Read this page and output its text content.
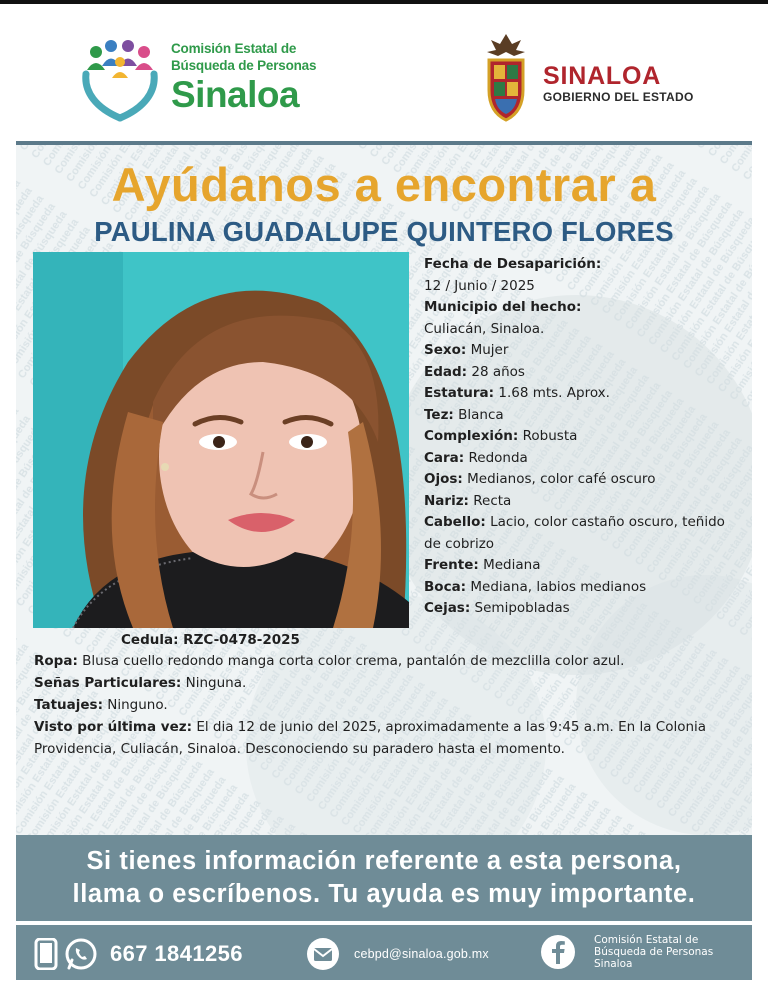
Comisión Estatal de
Búsqueda de Personas
Sinaloa	SINALOA
GOBIERNO DEL ESTADO
Ayúdanos a encontrar a
PAULINA GUADALUPE QUINTERO FLORES
Fecha de Desaparición:
12 / Junio / 2025
Municipio del hecho:
Culiacán, Sinaloa.
Sexo: Mujer
Edad: 28 años
Estatura: 1.68 mts. Aprox.
Tez: Blanca
Complexión: Robusta
Cara: Redonda
Ojos: Medianos, color café oscuro
Nariz: Recta
Cabello: Lacio, color castaño oscuro, teñido
de cobrizo
Frente: Mediana
Boca: Mediana, labios medianos
Cejas: Semipobladas
Cedula: RZC-0478-2025
Ropa: Blusa cuello redondo manga corta color crema, pantalón de mezclilla color azul.
Señas Particulares: Ninguna.
Tatuajes: Ninguno.
Visto por última vez: El dia 12 de junio del 2025, aproximadamente a las 9:45 a.m. En la Colonia
Providencia, Culiacán, Sinaloa. Desconociendo su paradero hasta el momento.
Si tienes información referente a esta persona,
llama o escríbenos. Tu ayuda es muy importante.
667 1841256	cebpd@sinaloa.gob.mx
Comisión Estatal de
Búsqueda de Personas
Sinaloa
